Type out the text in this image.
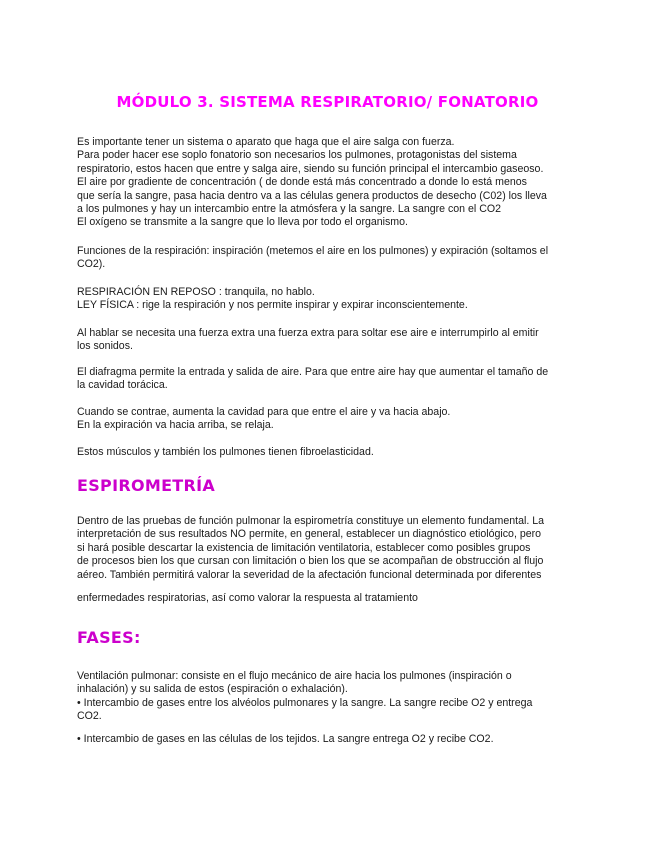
MÓDULO 3. SISTEMA RESPIRATORIO/ FONATORIO
Es importante tener un sistema o aparato que haga que el aire salga con fuerza.
Para poder hacer ese soplo fonatorio son necesarios los pulmones, protagonistas del sistema
respiratorio, estos hacen que entre y salga aire, siendo su función principal el intercambio gaseoso.
El aire por gradiente de concentración ( de donde está más concentrado a donde lo está menos
que sería la sangre, pasa hacia dentro va a las células genera productos de desecho (C02) los lleva
a los pulmones y hay un intercambio entre la atmósfera y la sangre. La sangre con el CO2
El oxígeno se transmite a la sangre que lo lleva por todo el organismo.
Funciones de la respiración: inspiración (metemos el aire en los pulmones) y expiración (soltamos el
CO2).
RESPIRACIÓN EN REPOSO : tranquila, no hablo.
LEY FÍSICA : rige la respiración y nos permite inspirar y expirar inconscientemente.
Al hablar se necesita una fuerza extra una fuerza extra para soltar ese aire e interrumpirlo al emitir
los sonidos.
El diafragma permite la entrada y salida de aire. Para que entre aire hay que aumentar el tamaño de
la cavidad torácica.
Cuando se contrae, aumenta la cavidad para que entre el aire y va hacia abajo.
En la expiración va hacia arriba, se relaja.
Estos músculos y también los pulmones tienen fibroelasticidad.
ESPIROMETRÍA
Dentro de las pruebas de función pulmonar la espirometría constituye un elemento fundamental. La
interpretación de sus resultados NO permite, en general, establecer un diagnóstico etiológico, pero
si hará posible descartar la existencia de limitación ventilatoria, establecer como posibles grupos
de procesos bien los que cursan con limitación o bien los que se acompañan de obstrucción al flujo
aéreo. También permitirá valorar la severidad de la afectación funcional determinada por diferentes
enfermedades respiratorias, así como valorar la respuesta al tratamiento
FASES:
Ventilación pulmonar: consiste en el flujo mecánico de aire hacia los pulmones (inspiración o
inhalación) y su salida de estos (espiración o exhalación).
• Intercambio de gases entre los alvéolos pulmonares y la sangre. La sangre recibe O2 y entrega
CO2.
• Intercambio de gases en las células de los tejidos. La sangre entrega O2 y recibe CO2.
